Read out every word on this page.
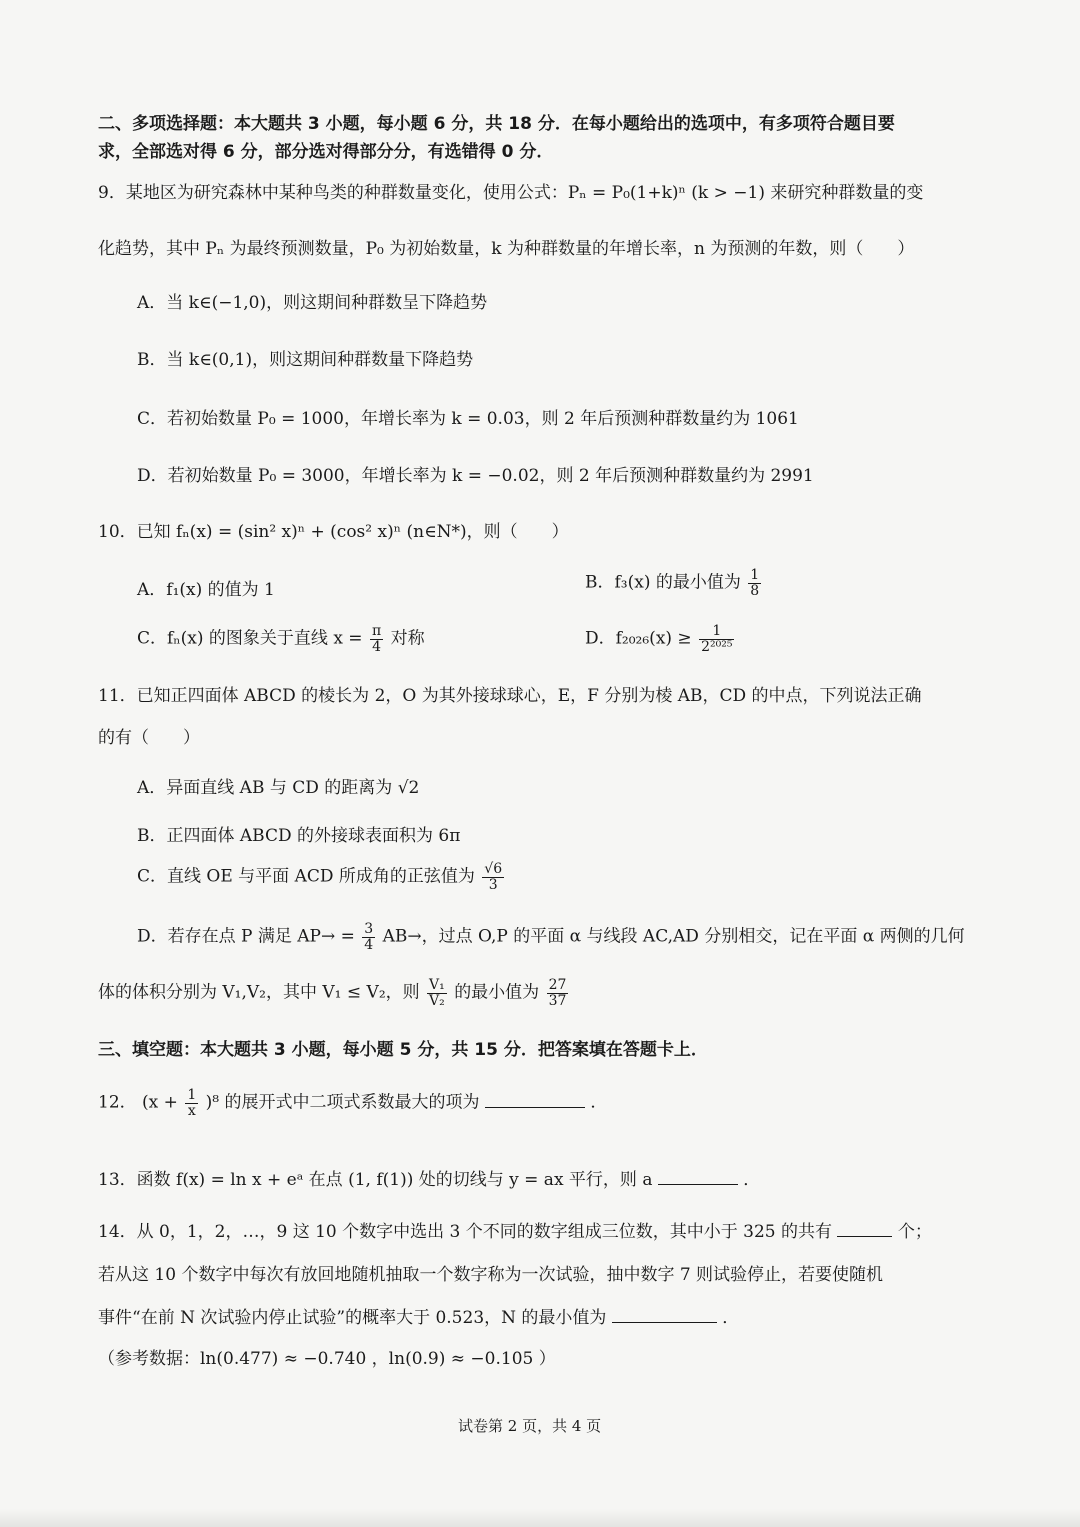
二、多项选择题：本大题共 3 小题，每小题 6 分，共 18 分．在每小题给出的选项中，有多项符合题目要
求，全部选对得 6 分，部分选对得部分分，有选错得 0 分．
9．某地区为研究森林中某种鸟类的种群数量变化，使用公式：Pₙ = P₀(1+k)ⁿ (k > −1) 来研究种群数量的变
化趋势，其中 Pₙ 为最终预测数量，P₀ 为初始数量，k 为种群数量的年增长率，n 为预测的年数，则（　　）
A．当 k∈(−1,0)，则这期间种群数呈下降趋势
B．当 k∈(0,1)，则这期间种群数量下降趋势
C．若初始数量 P₀ = 1000，年增长率为 k = 0.03，则 2 年后预测种群数量约为 1061
D．若初始数量 P₀ = 3000，年增长率为 k = −0.02，则 2 年后预测种群数量约为 2991
10．已知 fₙ(x) = (sin² x)ⁿ + (cos² x)ⁿ (n∈N*)，则（　　）
A．f₁(x) 的值为 1	B．f₃(x) 的最小值为 $\frac{1}{8}$
C．fₙ(x) 的图象关于直线 $x = \frac{\pi}{4}$ 对称	D．$f_{2026}(x) \ge \frac{1}{\text{2²⁰²⁵}}$
11．已知正四面体 ABCD 的棱长为 2，O 为其外接球球心，E，F 分别为棱 AB，CD 的中点，下列说法正确
的有（　　）
A．异面直线 AB 与 CD 的距离为 √2
B．正四面体 ABCD 的外接球表面积为 6π
C．直线 OE 与平面 ACD 所成角的正弦值为 $\frac{√6}{3}$
D．若存在点 P 满足 $AP\to = \frac{3}{4} AB\to$，过点 O,P 的平面 α 与线段 AC,AD 分别相交，记在平面 α 两侧的几何
体的体积分别为 V₁,V₂，其中 V₁ ≤ V₂，则 $\frac{\text{V₁}}{\text{V₂}}$ 的最小值为 $\frac{27}{37}$
三、填空题：本大题共 3 小题，每小题 5 分，共 15 分．把答案填在答题卡上．
12． $(x + \frac{1}{x} )^8$ 的展开式中二项式系数最大的项为	．
13．函数 f(x) = ln x + eᵃ 在点 (1, f(1)) 处的切线与 y = ax 平行，则 a	．
14．从 0，1，2，…，9 这 10 个数字中选出 3 个不同的数字组成三位数，其中小于 325 的共有	个；
若从这 10 个数字中每次有放回地随机抽取一个数字称为一次试验，抽中数字 7 则试验停止，若要使随机
事件“在前 N 次试验内停止试验”的概率大于 0.523，N 的最小值为	．
（参考数据：ln(0.477) ≈ −0.740 ，ln(0.9) ≈ −0.105 ）
试卷第 2 页，共 4 页
